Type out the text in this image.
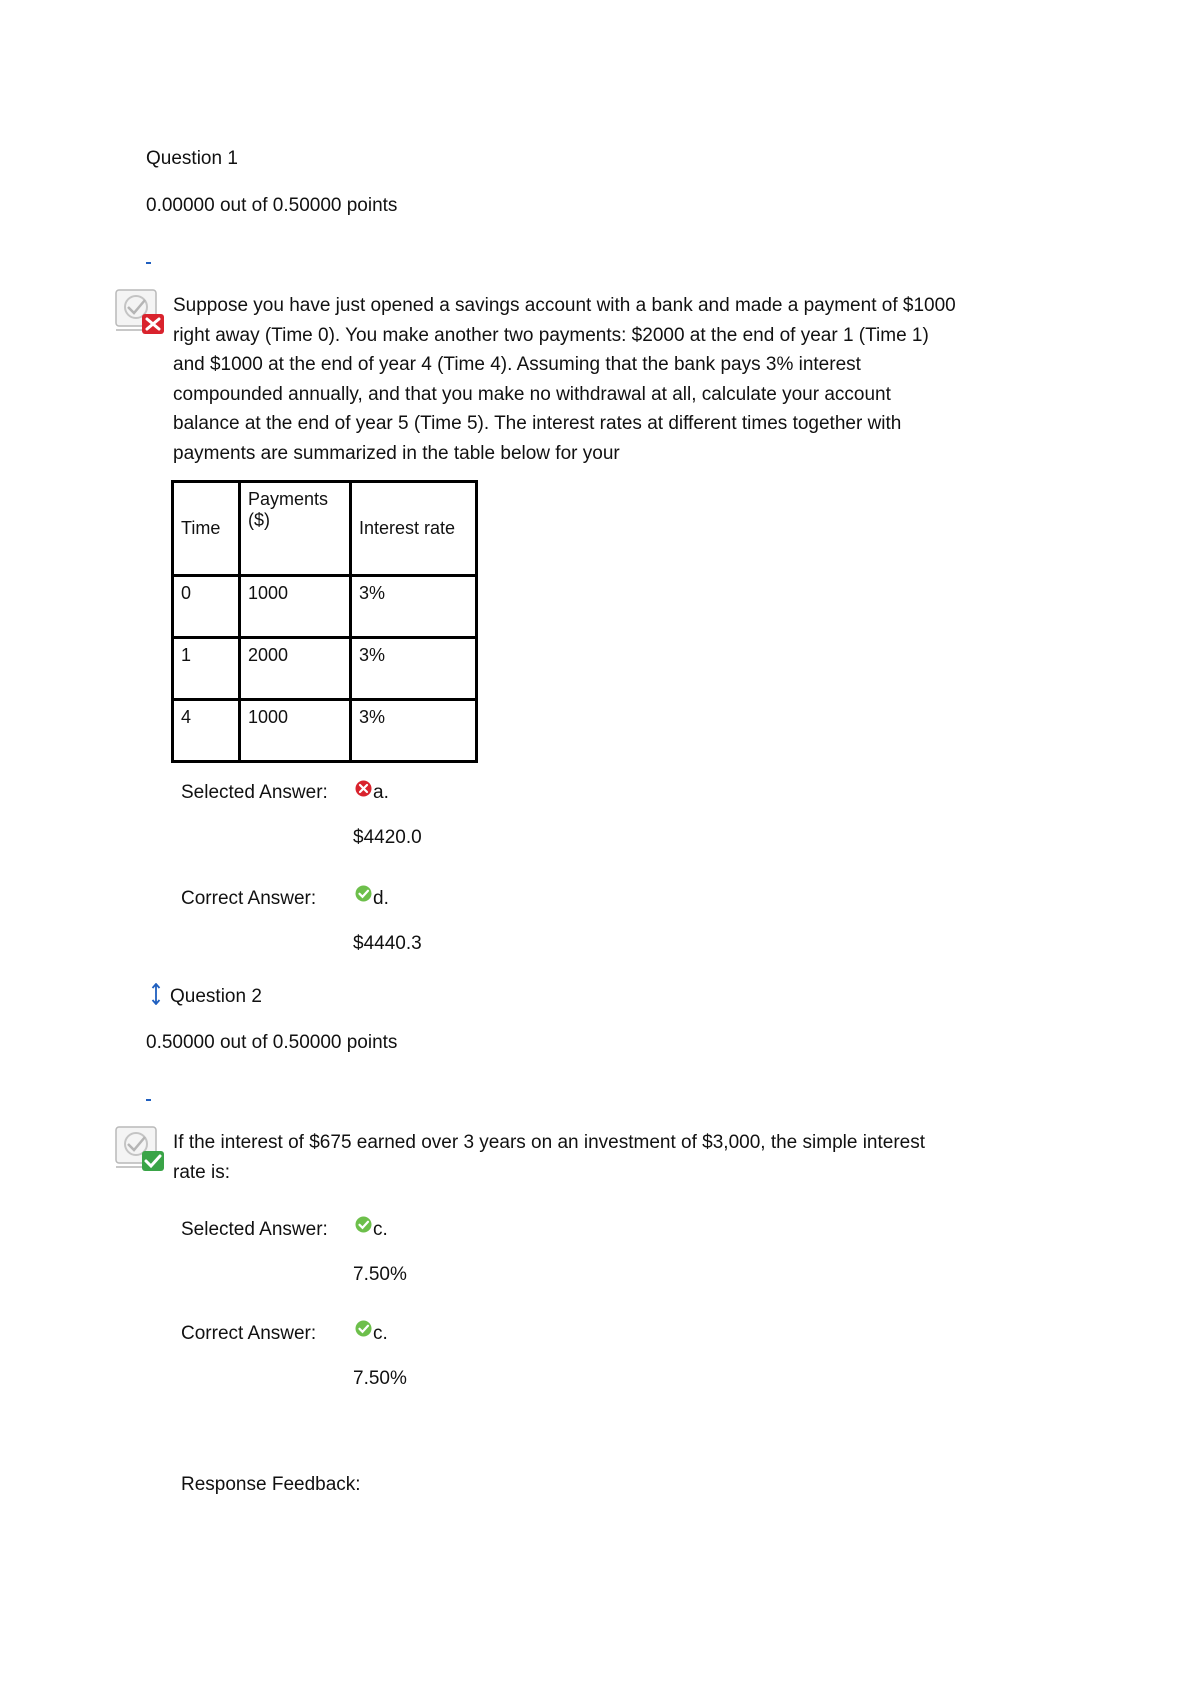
Question 1
0.00000 out of 0.50000 points
Suppose you have just opened a savings account with a bank and made a payment of $1000
right away (Time 0). You make another two payments: $2000 at the end of year 1 (Time 1)
and $1000 at the end of year 4 (Time 4). Assuming that the bank pays 3% interest
compounded annually, and that you make no withdrawal at all, calculate your account
balance at the end of year 5 (Time 5). The interest rates at different times together with
payments are summarized in the table below for your
Time	Payments ($)	Interest rate
0	1000	3%
1	2000	3%
4	1000	3%
Selected Answer: a.
$4420.0
Correct Answer:	d.
$4440.3
Question 2
0.50000 out of 0.50000 points
If the interest of $675 earned over 3 years on an investment of $3,000, the simple interest
rate is:
Selected Answer: c.
7.50%
Correct Answer:	c.
7.50%
Response Feedback:
